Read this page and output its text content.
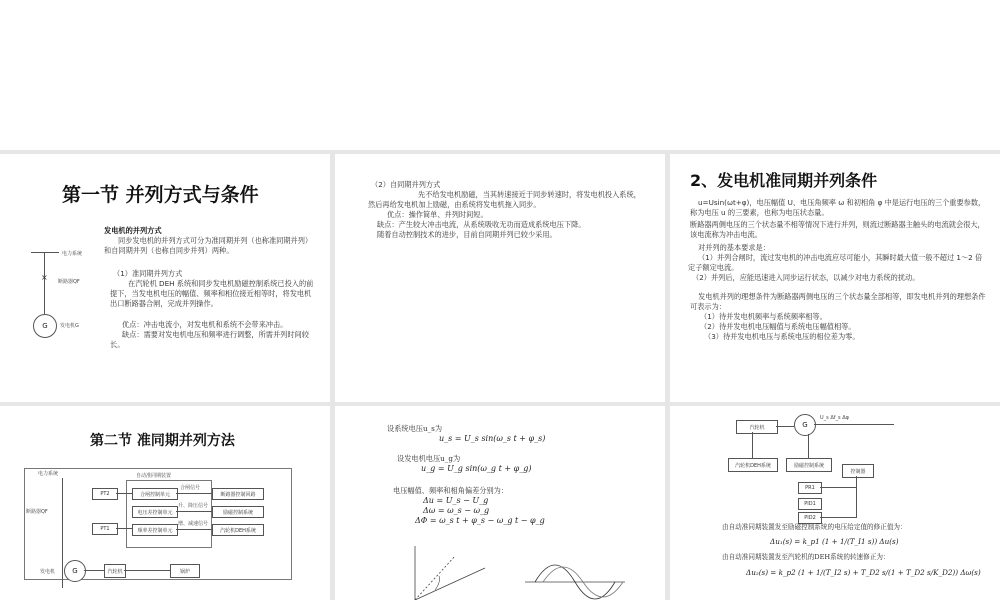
第一节 并列方式与条件
发电机的并列方式
同步发电机的并列方式可分为准同期并列（也称准同期并列）和自同期并列（也称自同步并列）两种。
（1）准同期并列方式
在汽轮机 DEH 系统和同步发电机励磁控制系统已投入的前提下，当发电机电压的幅值、频率和相位接近相等时，将发电机出口断路器合闸，完成并列操作。
优点：冲击电流小，对发电机和系统不会带来冲击。
缺点：需要对发电机电压和频率进行调整，所需并列时间较长。
×
G
电力系统
断路器QF
发电机G
（2）自同期并列方式
先不给发电机励磁，当其转速接近于同步转速时，将发电机投入系统，然后再给发电机加上励磁，由系统将发电机拖入同步。
优点：操作简单、并列时间短。
缺点：产生较大冲击电流，从系统吸收无功而造成系统电压下降。
随着自动控制技术的进步，目前自同期并列已较少采用。
2、发电机准同期并列条件
u=Usin(ωt+φ)，电压幅值 U、电压角频率 ω 和初相角 φ 中是运行电压的三个重要参数，称为电压 u 的三要素，也称为电压状态量。
断路器两侧电压的三个状态量不相等情况下进行并列，则流过断路器主触头的电流就会很大，该电流称为冲击电流。
对并列的基本要求是：
（1）并列合闸时，流过发电机的冲击电流应尽可能小，其瞬时最大值一般不超过 1～2 倍定子额定电流。
（2）并列后，应能迅速进入同步运行状态，以减少对电力系统的扰动。
发电机并列的理想条件为断路器两侧电压的三个状态量全部相等，即发电机并列的理想条件可表示为：
（1）待并发电机频率与系统频率相等。
（2）待并发电机电压幅值与系统电压幅值相等。
（3）待并发电机电压与系统电压的相位差为零。
第二节 准同期并列方法
电力系统	自动准同期装置
断路器QF
PT2
PT1
合闸控制单元
电压差控制单元
频率差控制单元
合闸信号
升、降压信号
增、减速信号
断路器控制回路
励磁控制系统
汽轮机DEH系统
G
发电机	汽轮机	锅炉
设系统电压u_s为
u_s = U_s sin(ω_s t + φ_s)
设发电机电压u_g为
u_g = U_g sin(ω_g t + φ_g)
电压幅值、频率和相角偏差分别为：
Δu = U_s − U_g
Δω = ω_s − ω_g
ΔΦ = ω_s t + φ_s − ω_g t − φ_g
汽轮机	G
U_s Δf_s Δφ
汽轮机DEH系统	励磁控制系统
控制器
PR1
PID1
PID2
由自动准同期装置发至励磁控制系统的电压给定值的修正值为：
Δu₁(s) = k_p1 (1 + 1/(T_I1 s)) Δu(s)
由自动准同期装置发至汽轮机的DEH系统的转速修正为：
Δu₂(s) = k_p2 (1 + 1/(T_I2 s) + T_D2 s/(1 + T_D2 s/K_D2)) Δω(s)
